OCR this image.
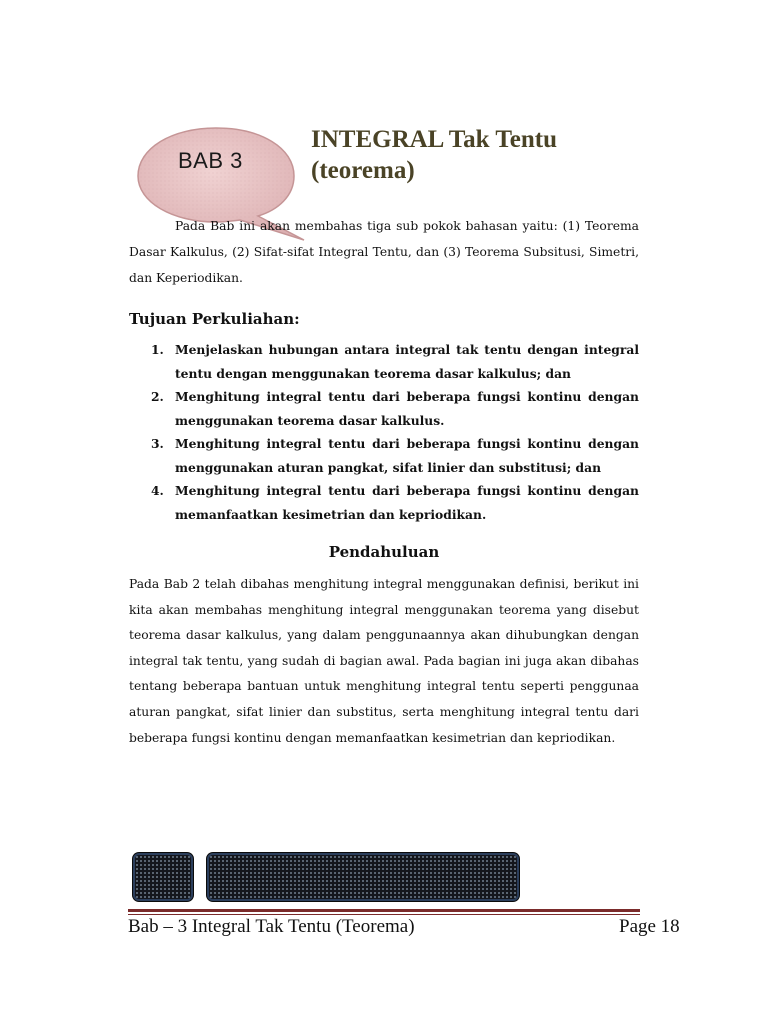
BAB 3
INTEGRAL Tak Tentu
(teorema)

Pada Bab ini akan membahas tiga sub pokok bahasan yaitu: (1) Teorema Dasar Kalkulus, (2) Sifat-sifat Integral Tentu, dan (3) Teorema Subsitusi, Simetri, dan Keperiodikan.

Tujuan Perkuliahan:
1. Menjelaskan hubungan antara integral tak tentu dengan integral tentu dengan menggunakan teorema dasar kalkulus; dan
2. Menghitung integral tentu dari beberapa fungsi kontinu dengan menggunakan teorema dasar kalkulus.
3. Menghitung integral tentu dari beberapa fungsi kontinu dengan menggunakan aturan pangkat, sifat linier dan substitusi; dan
4. Menghitung integral tentu dari beberapa fungsi kontinu dengan memanfaatkan kesimetrian dan kepriodikan.
Pendahuluan

Pada Bab 2 telah dibahas menghitung integral menggunakan definisi, berikut ini kita akan membahas menghitung integral menggunakan teorema yang disebut teorema dasar kalkulus, yang dalam penggunaannya akan dihubungkan dengan integral tak tentu, yang sudah di bagian awal. Pada bagian ini juga akan dibahas tentang beberapa bantuan untuk menghitung integral tentu seperti penggunaa aturan pangkat, sifat linier dan substitus, serta menghitung integral tentu dari beberapa fungsi kontinu dengan memanfaatkan kesimetrian dan kepriodikan.

Bab – 3 Integral Tak Tentu (Teorema)	Page 18
